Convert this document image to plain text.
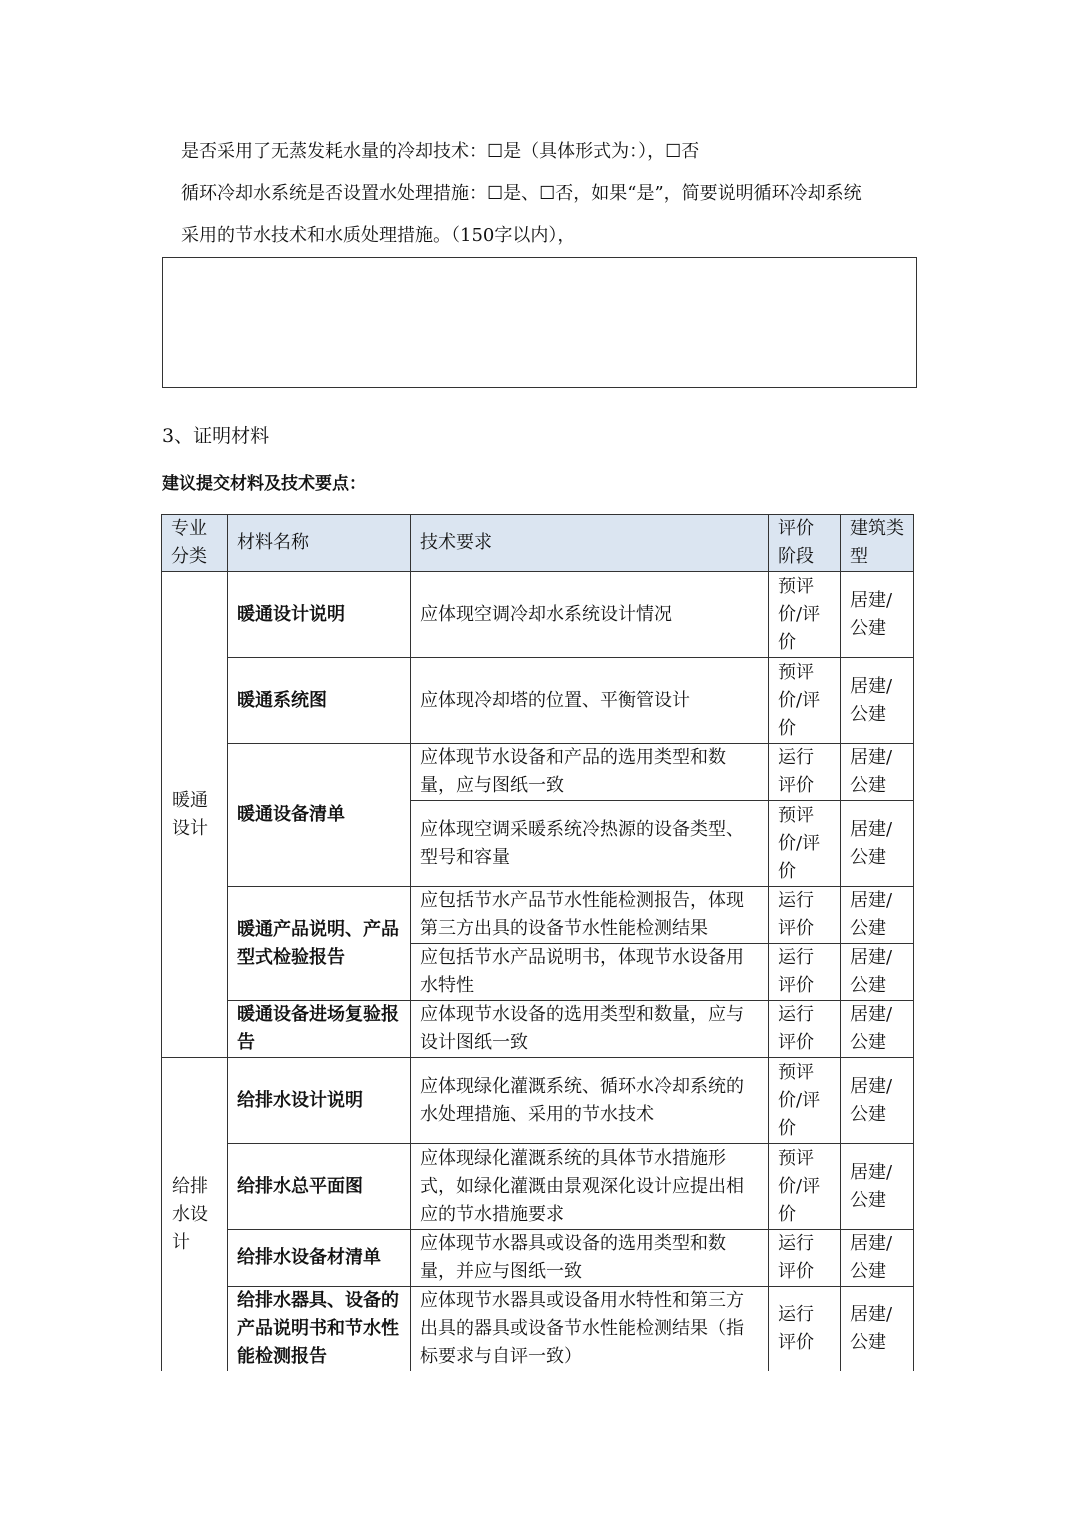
是否采用了无蒸发耗水量的冷却技术：☐是（具体形式为：），☐否
循环冷却水系统是否设置水处理措施：☐是、☐否，如果“是”，简要说明循环冷却系统
采用的节水技术和水质处理措施。（150字以内），
3、证明材料
建议提交材料及技术要点：
专业分类	材料名称	技术要求	评价阶段	建筑类型
暖通设计	暖通设计说明	应体现空调冷却水系统设计情况	预评价/评价	居建/公建
	暖通系统图	应体现冷却塔的位置、平衡管设计	预评价/评价	居建/公建
	暖通设备清单	应体现节水设备和产品的选用类型和数量，应与图纸一致	运行评价	居建/公建
		应体现空调采暖系统冷热源的设备类型、型号和容量	预评价/评价	居建/公建
	暖通产品说明、产品型式检验报告	应包括节水产品节水性能检测报告，体现第三方出具的设备节水性能检测结果	运行评价	居建/公建
		应包括节水产品说明书，体现节水设备用水特性	运行评价	居建/公建
	暖通设备进场复验报告	应体现节水设备的选用类型和数量，应与设计图纸一致	运行评价	居建/公建
给排水设计	给排水设计说明	应体现绿化灌溉系统、循环水冷却系统的水处理措施、采用的节水技术	预评价/评价	居建/公建
	给排水总平面图	应体现绿化灌溉系统的具体节水措施形式，如绿化灌溉由景观深化设计应提出相应的节水措施要求	预评价/评价	居建/公建
	给排水设备材清单	应体现节水器具或设备的选用类型和数量，并应与图纸一致	运行评价	居建/公建
	给排水器具、设备的产品说明书和节水性能检测报告	应体现节水器具或设备用水特性和第三方出具的器具或设备节水性能检测结果（指标要求与自评一致）	运行评价	居建/公建
